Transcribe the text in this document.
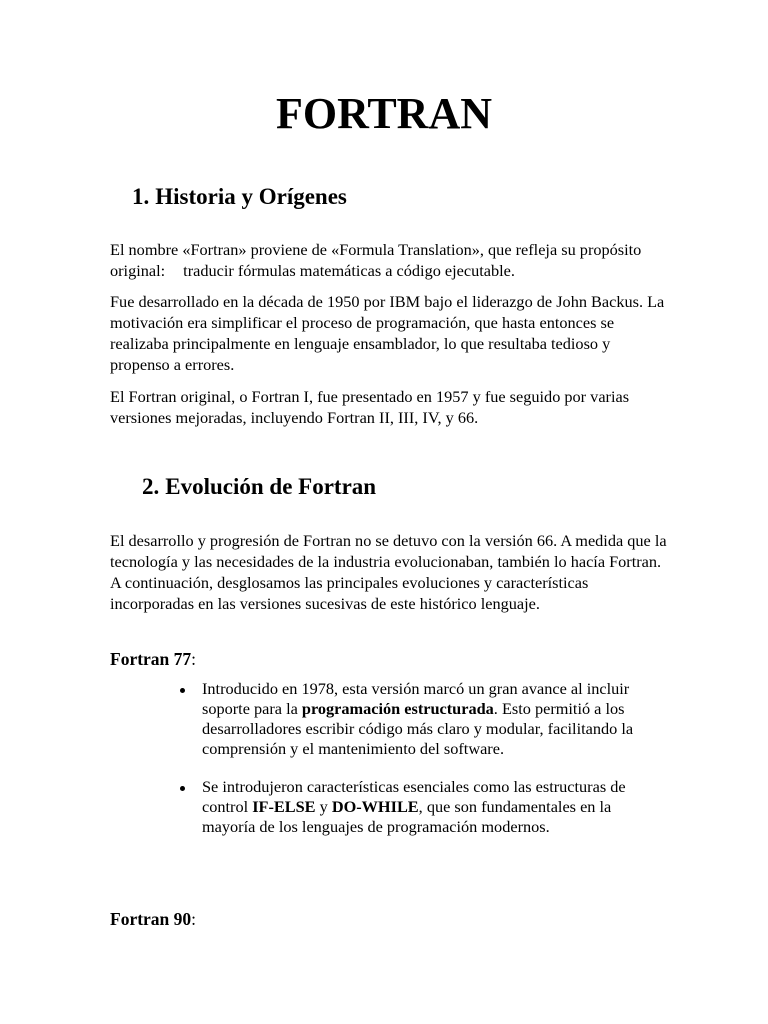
FORTRAN
1. Historia y Orígenes

El nombre «Fortran» proviene de «Formula Translation», que refleja su propósito original: traducir fórmulas matemáticas a código ejecutable.

Fue desarrollado en la década de 1950 por IBM bajo el liderazgo de John Backus. La motivación era simplificar el proceso de programación, que hasta entonces se realizaba principalmente en lenguaje ensamblador, lo que resultaba tedioso y propenso a errores.

El Fortran original, o Fortran I, fue presentado en 1957 y fue seguido por varias versiones mejoradas, incluyendo Fortran II, III, IV, y 66.

2. Evolución de Fortran

El desarrollo y progresión de Fortran no se detuvo con la versión 66. A medida que la tecnología y las necesidades de la industria evolucionaban, también lo hacía Fortran. A continuación, desglosamos las principales evoluciones y características incorporadas en las versiones sucesivas de este histórico lenguaje.

Fortran 77:

Introducido en 1978, esta versión marcó un gran avance al incluir soporte para la programación estructurada. Esto permitió a los desarrolladores escribir código más claro y modular, facilitando la comprensión y el mantenimiento del software.
Se introdujeron características esenciales como las estructuras de control IF-ELSE y DO-WHILE, que son fundamentales en la mayoría de los lenguajes de programación modernos.

Fortran 90:
